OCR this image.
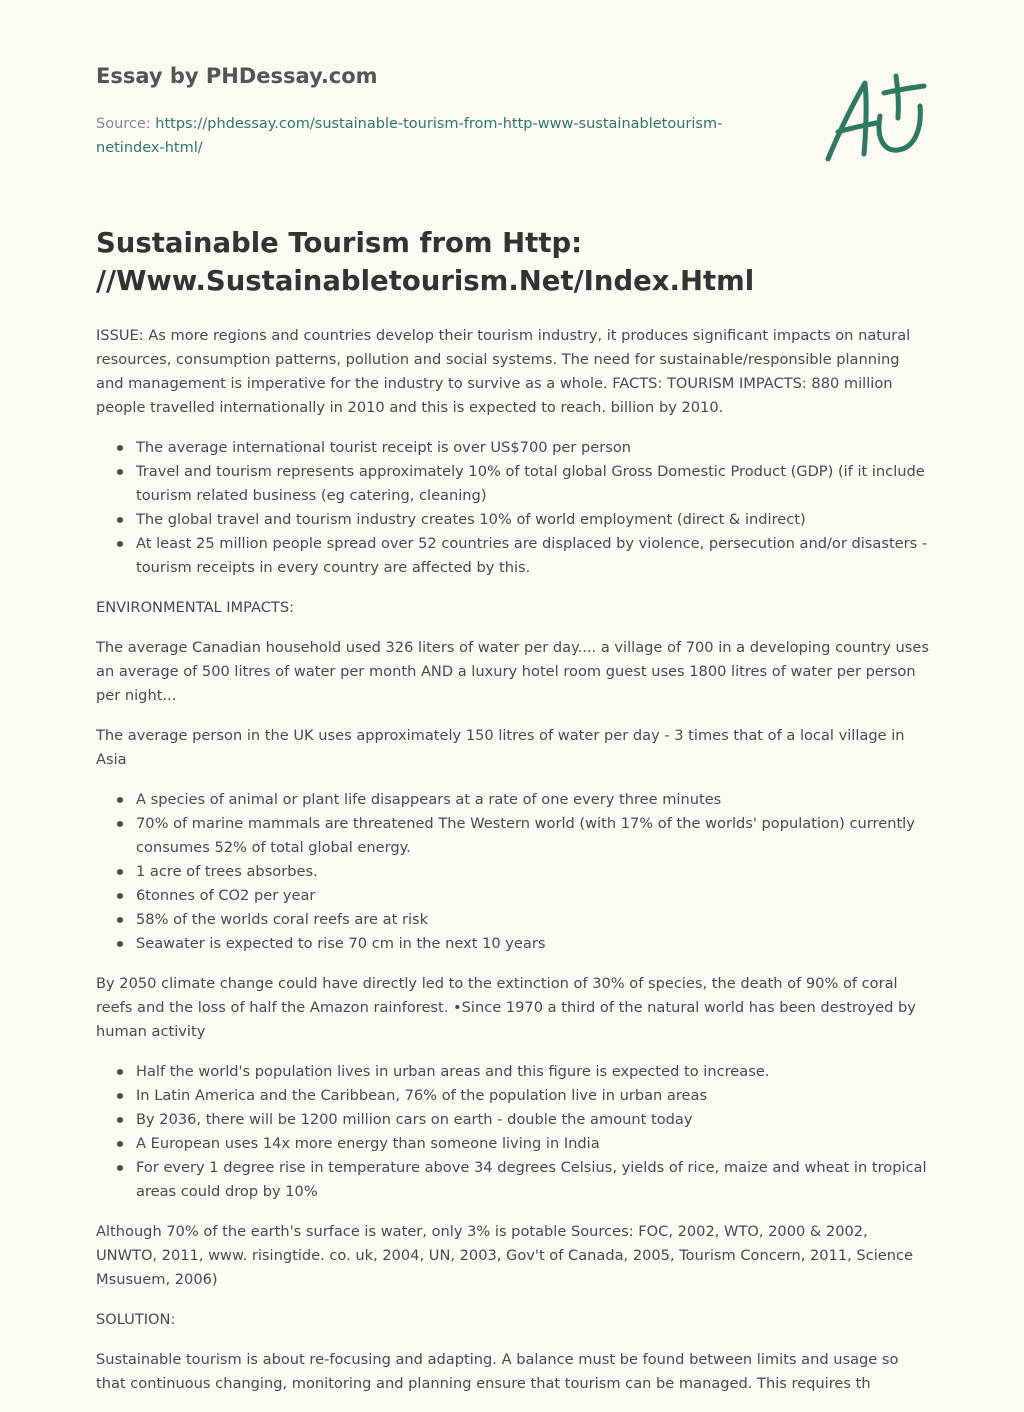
Essay by PHDessay.com
Source: https://phdessay.com/sustainable-tourism-from-http-www-sustainabletourism-
netindex-html/
Sustainable Tourism from Http:
//Www.Sustainabletourism.Net/Index.Html

ISSUE: As more regions and countries develop their tourism industry, it produces significant impacts on natural resources, consumption patterns, pollution and social systems. The need for sustainable/responsible planning and management is imperative for the industry to survive as a whole. FACTS: TOURISM IMPACTS: 880 million people travelled internationally in 2010 and this is expected to reach. billion by 2010.

The average international tourist receipt is over US$700 per person
Travel and tourism represents approximately 10% of total global Gross Domestic Product (GDP) (if it include tourism related business (eg catering, cleaning)
The global travel and tourism industry creates 10% of world employment (direct & indirect)
At least 25 million people spread over 52 countries are displaced by violence, persecution and/or disasters - tourism receipts in every country are affected by this.

ENVIRONMENTAL IMPACTS:

The average Canadian household used 326 liters of water per day.... a village of 700 in a developing country uses an average of 500 litres of water per month AND a luxury hotel room guest uses 1800 litres of water per person per night...

The average person in the UK uses approximately 150 litres of water per day - 3 times that of a local village in Asia

A species of animal or plant life disappears at a rate of one every three minutes
70% of marine mammals are threatened The Western world (with 17% of the worlds' population) currently consumes 52% of total global energy.
1 acre of trees absorbes.
6tonnes of CO2 per year
58% of the worlds coral reefs are at risk
Seawater is expected to rise 70 cm in the next 10 years

By 2050 climate change could have directly led to the extinction of 30% of species, the death of 90% of coral reefs and the loss of half the Amazon rainforest. •Since 1970 a third of the natural world has been destroyed by human activity

Half the world's population lives in urban areas and this figure is expected to increase.
In Latin America and the Caribbean, 76% of the population live in urban areas
By 2036, there will be 1200 million cars on earth - double the amount today
A European uses 14x more energy than someone living in India
For every 1 degree rise in temperature above 34 degrees Celsius, yields of rice, maize and wheat in tropical areas could drop by 10%

Although 70% of the earth's surface is water, only 3% is potable Sources: FOC, 2002, WTO, 2000 & 2002, UNWTO, 2011, www. risingtide. co. uk, 2004, UN, 2003, Gov't of Canada, 2005, Tourism Concern, 2011, Science Msusuem, 2006)

SOLUTION:

Sustainable tourism is about re-focusing and adapting. A balance must be found between limits and usage so that continuous changing, monitoring and planning ensure that tourism can be managed. This requires th
